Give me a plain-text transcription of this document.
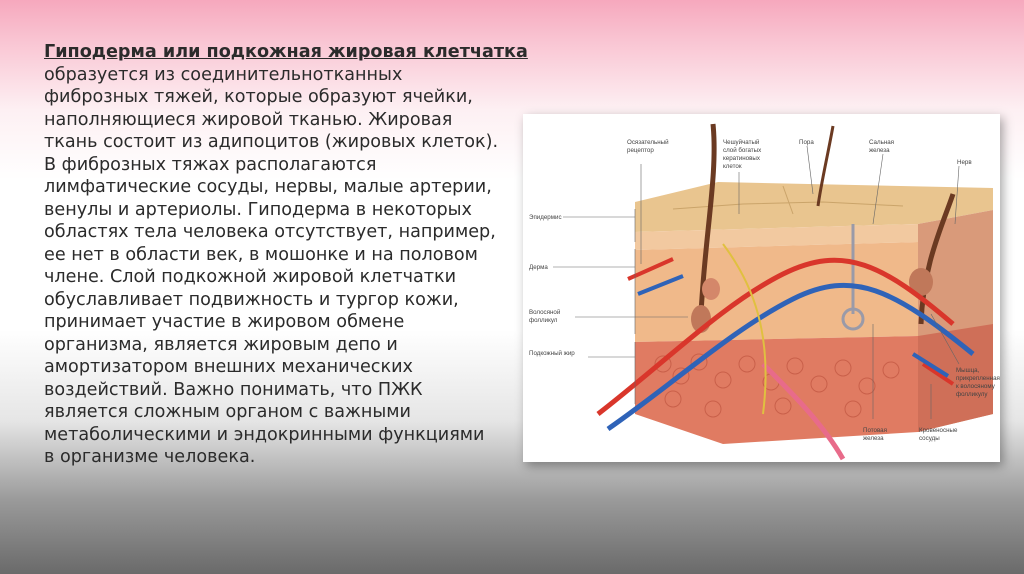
Гиподерма или подкожная жировая клетчатка
образуется из соединительнотканных
фиброзных тяжей, которые образуют ячейки,
наполняющиеся жировой тканью. Жировая
ткань состоит из адипоцитов (жировых клеток).
В фиброзных тяжах располагаются
лимфатические сосуды, нервы, малые артерии,
венулы и артериолы. Гиподерма в некоторых
областях тела человека отсутствует, например,
ее нет в области век, в мошонке и на половом
члене. Слой подкожной жировой клетчатки
обуславливает подвижность и тургор кожи,
принимает участие в жировом обмене
организма, является жировым депо и
амортизатором внешних механических
воздействий. Важно понимать, что ПЖК
является сложным органом с важными
метаболическими и эндокринными функциями
в организме человека.
Осязательный рецептор
Чешуйчатый слой богатых кератиновых клеток
Пора	Сальная железа
Нерв
Эпидермис
Дерма
Волосяной фолликул
Подкожный жир
Мышца, прикрепленная к волосяному фолликулу
Потовая железа
Кровеносные сосуды
